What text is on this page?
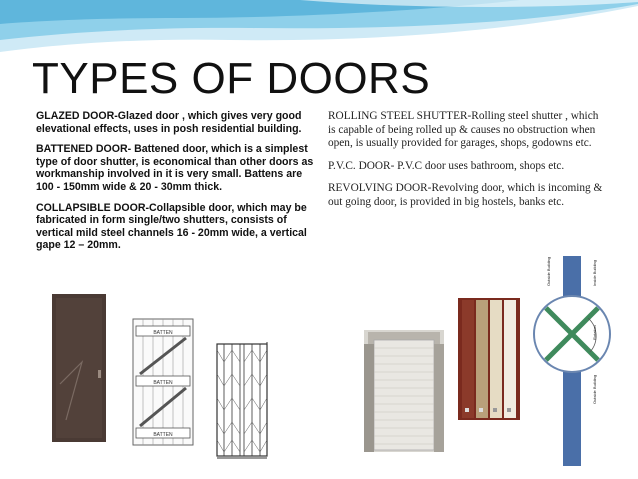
TYPES OF DOORS

GLAZED DOOR-Glazed door , which gives very good elevational effects, uses in posh residential building.

BATTENED DOOR- Battened door, which is a simplest type of door shutter, is economical than other doors as workmanship involved in it is very small. Battens are 100 - 150mm wide & 20 - 30mm thick.

COLLAPSIBLE DOOR-Collapsible door, which may be fabricated in form single/two shutters, consists of vertical mild steel channels 16 - 20mm wide, a vertical gape 12 – 20mm.

ROLLING STEEL SHUTTER-Rolling steel shutter , which is capable of being rolled up & causes no obstruction when open, is usually provided for garages, shops, godowns etc.

P.V.C. DOOR- P.V.C door uses bathroom, shops etc.

REVOLVING DOOR-Revolving door, which is incoming & out going door, is provided in big hostels, banks etc.

BATTEN
BATTEN
BATTEN
Outside Building	Inside Building
Rotation
Outside Building
